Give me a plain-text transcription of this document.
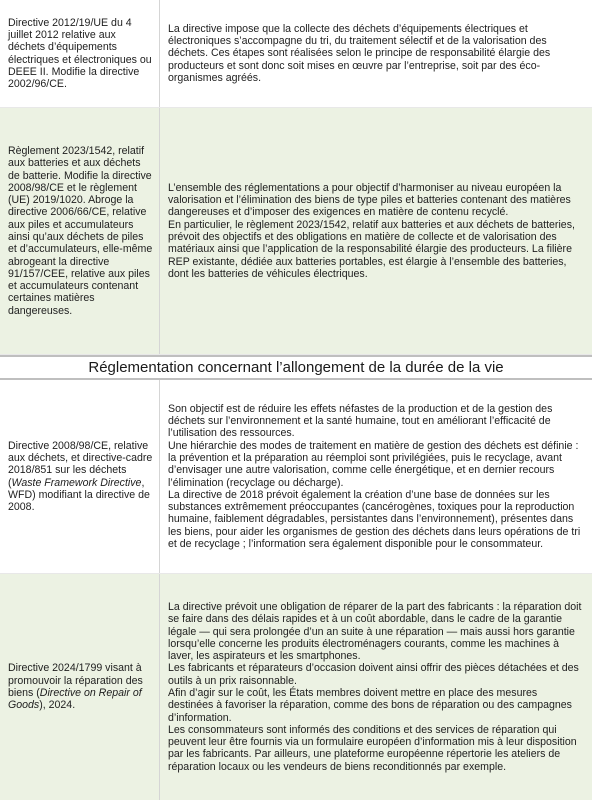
Directive 2012/19/UE du 4 juillet 2012 relative aux déchets d’équipements électriques et électroniques ou DEEE II. Modifie la directive 2002/96/CE.

La directive impose que la collecte des déchets d’équipements électriques et électroniques s’accompagne du tri, du traitement sélectif et de la valorisation des déchets. Ces étapes sont réalisées selon le principe de responsabilité élargie des producteurs et sont donc soit mises en œuvre par l’entreprise, soit par des éco-organismes agréés.

Règlement 2023/1542, relatif aux batteries et aux déchets de batterie. Modifie la directive 2008/98/CE et le règlement (UE) 2019/1020. Abroge la directive 2006/66/CE, relative aux piles et accumulateurs ainsi qu’aux déchets de piles et d’accumulateurs, elle-même abrogeant la directive 91/157/CEE, relative aux piles et accumulateurs contenant certaines matières dangereuses.

L’ensemble des réglementations a pour objectif d’harmoniser au niveau européen la valorisation et l’élimination des biens de type piles et batteries contenant des matières dangereuses et d’imposer des exigences en matière de contenu recyclé.

En particulier, le règlement 2023/1542, relatif aux batteries et aux déchets de batteries, prévoit des objectifs et des obligations en matière de collecte et de valorisation des matériaux ainsi que l’application de la responsabilité élargie des producteurs. La filière REP existante, dédiée aux batteries portables, est élargie à l’ensemble des batteries, dont les batteries de véhicules électriques.

Réglementation concernant l’allongement de la durée de la vie
Directive 2008/98/CE, relative aux déchets, et directive-cadre 2018/851 sur les déchets (Waste Framework Directive, WFD) modifiant la directive de 2008.

Son objectif est de réduire les effets néfastes de la production et de la gestion des déchets sur l’environnement et la santé humaine, tout en améliorant l’efficacité de l’utilisation des ressources.

Une hiérarchie des modes de traitement en matière de gestion des déchets est définie : la prévention et la préparation au réemploi sont privilégiées, puis le recyclage, avant d’envisager une autre valorisation, comme celle énergétique, et en dernier recours l’élimination (recyclage ou décharge).

La directive de 2018 prévoit également la création d’une base de données sur les substances extrêmement préoccupantes (cancérogènes, toxiques pour la reproduction humaine, faiblement dégradables, persistantes dans l’environnement), présentes dans les biens, pour aider les organismes de gestion des déchets dans leurs opérations de tri et de recyclage ; l’information sera également disponible pour le consommateur.

Directive 2024/1799 visant à promouvoir la réparation des biens (Directive on Repair of Goods), 2024.

La directive prévoit une obligation de réparer de la part des fabricants : la réparation doit se faire dans des délais rapides et à un coût abordable, dans le cadre de la garantie légale — qui sera prolongée d’un an suite à une réparation — mais aussi hors garantie lorsqu’elle concerne les produits électroménagers courants, comme les machines à laver, les aspirateurs et les smartphones.

Les fabricants et réparateurs d’occasion doivent ainsi offrir des pièces détachées et des outils à un prix raisonnable.

Afin d’agir sur le coût, les États membres doivent mettre en place des mesures destinées à favoriser la réparation, comme des bons de réparation ou des campagnes d’information.

Les consommateurs sont informés des conditions et des services de réparation qui peuvent leur être fournis via un formulaire européen d’information mis à leur disposition par les fabricants. Par ailleurs, une plateforme européenne répertorie les ateliers de réparation locaux ou les vendeurs de biens reconditionnés par exemple.
